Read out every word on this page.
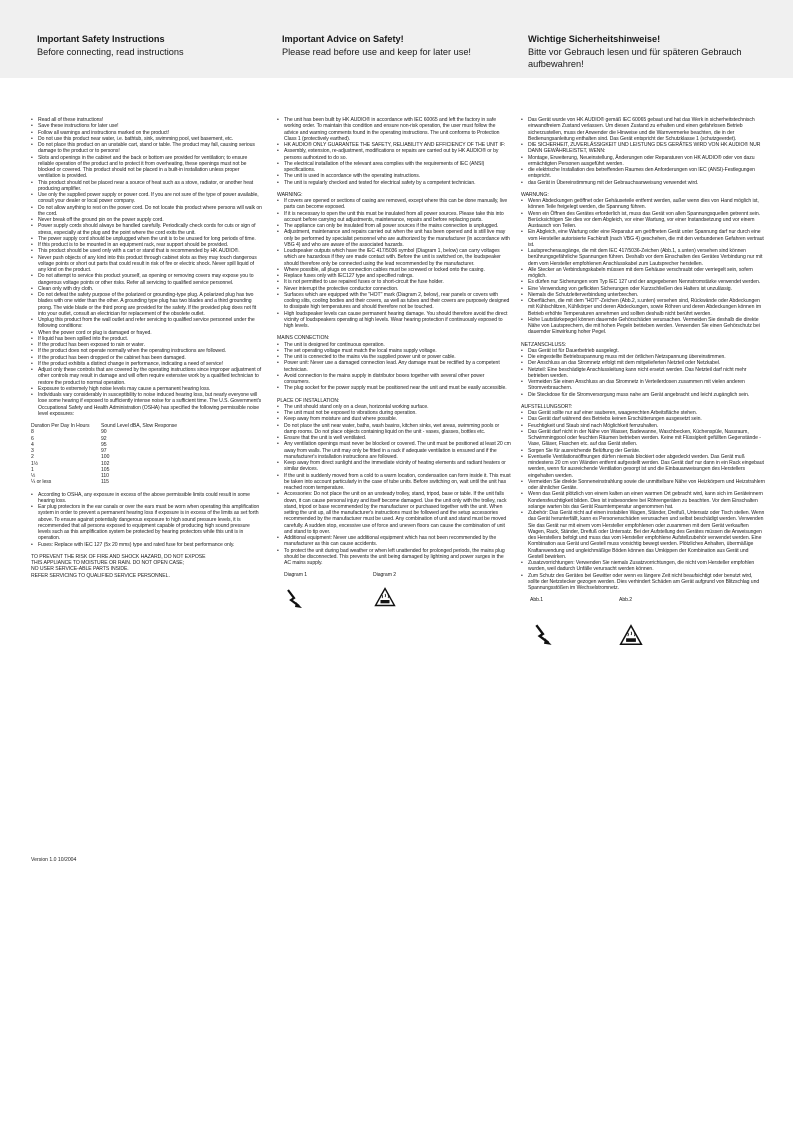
Important Safety Instructions

Before connecting, read instructions

Important Advice on Safety!

Please read before use and keep for later use!

Wichtige Sicherheitshinweise!

Bitte vor Gebrauch lesen und für späteren Gebrauch aufbewahren!

• Read all of these instructions!
• Save these instructions for later use!
• Follow all warnings and instructions marked on the product!
• Do not use this product near water, i.e. bathtub, sink, swimming pool, wet basement, etc.
• Do not place this product on an unstable cart, stand or table. The product may fall, causing serious damage to the product or to persons!
• Slots and openings in the cabinet and the back or bottom are provided for ventilation; to ensure reliable operation of the product and to protect it from overheating, these openings must not be blocked or covered. This product should not be placed in a built-in installation unless proper ventilation is provided.
• This product should not be placed near a source of heat such as a stove, radiator, or another heat producing amplifier.
• Use only the supplied power supply or power cord. If you are not sure of the type of power available, consult your dealer or local power company.
• Do not allow anything to rest on the power cord. Do not locate this product where persons will walk on the cord.
• Never break off the ground pin on the power supply cord.
• Power supply cords should always be handled carefully. Periodically check cords for cuts or sign of stress, especially at the plug and the point where the cord exits the unit.
• The power supply cord should be unplugged when the unit is to be unused for long periods of time.
• If this product is to be mounted in an equipment rack, rear support should be provided.
• This product should be used only with a cart or stand that is recommended by HK AUDIO®.
• Never push objects of any kind into this product through cabinet slots as they may touch dangerous voltage points or short out parts that could result in risk of fire or electric shock. Never spill liquid of any kind on the product.
• Do not attempt to service this product yourself, as opening or removing covers may expose you to dangerous voltage points or other risks. Refer all servicing to qualified service personnel.
• Clean only with dry cloth.
• Do not defeat the safety purpose of the polarized or grounding-type plug. A polarized plug has two blades with one wider than the other. A grounding type plug has two blades and a third grounding prong. The wide blade or the third prong are provided for the safety. If the provided plug does not fit into your outlet, consult an electrician for replacement of the obsolete outlet.
• Unplug this product from the wall outlet and refer servicing to qualified service personnel under the following conditions:
• When the power cord or plug is damaged or frayed.
• If liquid has been spilled into the product.
• If the product has been exposed to rain or water.
• If the product does not operate normally when the operating instructions are followed.
• If the product has been dropped or the cabinet has been damaged.
• If the product exhibits a distinct change in performance, indicating a need of service!
• Adjust only these controls that are covered by the operating instructions since improper adjustment of other controls may result in damage and will often require extensive work by a qualified technician to restore the product to normal operation.
• Exposure to extremely high noise levels may cause a permanent hearing loss.
• Individuals vary considerably in susceptibility to noise induced hearing loss, but nearly everyone will lose some hearing if exposed to sufficiently intense noise for a sufficient time. The U.S. Government's Occupational Safety and Health Administration (OSHA) has specified the following permissible noise level exposures:
Duration Per Day In Hours	Sound Level dBA, Slow Response
8	90
6	92
4	95
3	97
2	100
1½	102
1	105
½	110
¼ or less	115
• According to OSHA, any exposure in excess of the above permissible limits could result in some hearing loss.
• Ear plug protectors in the ear canals or over the ears must be worn when operating this amplification system in order to prevent a permanent hearing loss if exposure is in excess of the limits as set forth above. To ensure against potentially dangerous exposure to high sound pressure levels, it is recommended that all persons exposed to equipment capable of producing high sound pressure levels such as this amplification system be protected by hearing protectors while this unit is in operation.
• Fuses: Replace with IEC 127 (5x 20 mms) type and rated fuse for best performance only.

TO PREVENT THE RISK OF FIRE AND SHOCK HAZARD, DO NOT EXPOSE

THIS APPLIANCE TO MOISTURE OR RAIN. DO NOT OPEN CASE;

NO USER SERVICE-ABLE PARTS INSIDE.

REFER SERVICING TO QUALIFIED SERVICE PERSONNEL.

Version 1.0 10/2004
• The unit has been built by HK AUDIO® in accordance with IEC 60065 and left the factory in safe working order. To maintain this condition and ensure non-risk operation, the user must follow the advice and warning comments found in the operating instructions. The unit conforms to Protection Class 1 (protectively earthed).
• HK AUDIO® ONLY GUARANTEE THE SAFETY, RELIABILITY AND EFFICIENCY OF THE UNIT IF:
• Assembly, extension, re-adjustment, modifications or repairs are carried out by HK AUDIO® or by persons authorized to do so.
• The electrical installation of the relevant area complies with the requirements of IEC (ANSI) specifications.
• The unit is used in accordance with the operating instructions.
• The unit is regularly checked and tested for electrical safety by a competent technician.

WARNING:

• If covers are opened or sections of casing are removed, except where this can be done manually, live parts can become exposed.
• If it is necessary to open the unit this must be insulated from all power sources. Please take this into account before carrying out adjustments, maintenance, repairs and before replacing parts.
• The appliance can only be insulated from all power sources if the mains connection is unplugged.
• Adjustment, maintenance and repairs carried out when the unit has been opened and is still live may only be performed by specialist personnel who are authorized by the manufacturer (in accordance with VBG 4) and who are aware of the associated hazards.
• Loudspeaker outputs which have the IEC 417/5036 symbol (Diagram 1, below) can carry voltages which are hazardous if they are made contact with. Before the unit is switched on, the loudspeaker should therefore only be connected using the lead recommended by the manufacturer.
• Where possible, all plugs on connection cables must be screwed or locked onto the casing.
• Replace fuses only with IEC127 type and specified ratings.
• It is not permitted to use repaired fuses or to short-circuit the fuse holder.
• Never interrupt the protective conductor connection.
• Surfaces which are equipped with the "HOT" mark (Diagram 2, below), rear panels or covers with cooling slits, cooling bodies and their covers, as well as tubes and their covers are purposely designed to dissipate high temperatures and should therefore not be touched.
• High loudspeaker levels can cause permanent hearing damage. You should therefore avoid the direct vicinity of loudspeakers operating at high levels. Wear hearing protection if continuously exposed to high levels.

MAINS CONNECTION:

• The unit is designed for continuous operation.
• The set operating voltage must match the local mains supply voltage.
• The unit is connected to the mains via the supplied power unit or power cable.
• Power unit: Never use a damaged connection lead. Any damage must be rectified by a competent technician.
• Avoid connection to the mains supply in distributor boxes together with several other power consumers.
• The plug socket for the power supply must be positioned near the unit and must be easily accessible.

PLACE OF INSTALLATION:

• The unit should stand only on a clean, horizontal working surface.
• The unit must not be exposed to vibrations during operation.
• Keep away from moisture and dust where possible.
• Do not place the unit near water, baths, wash basins, kitchen sinks, wet areas, swimming pools or damp rooms. Do not place objects containing liquid on the unit - vases, glasses, bottles etc.
• Ensure that the unit is well ventilated.
• Any ventilation openings must never be blocked or covered. The unit must be positioned at least 20 cm away from walls. The unit may only be fitted in a rack if adequate ventilation is ensured and if the manufacturer's installation instructions are followed.
• Keep away from direct sunlight and the immediate vicinity of heating elements and radiant heaters or similar devices.
• If the unit is suddenly moved from a cold to a warm location, condensation can form inside it. This must be taken into account particularly in the case of tube units. Before switching on, wait until the unit has reached room temperature.
• Accessories: Do not place the unit on an unsteady trolley, stand, tripod, base or table. If the unit falls down, it can cause personal injury and itself become damaged. Use the unit only with the trolley, rack stand, tripod or base recommended by the manufacturer or purchased together with the unit. When setting the unit up, all the manufacturer's instructions must be followed and the setup accessories recommended by the manufacturer must be used. Any combination of unit and stand must be moved carefully. A sudden stop, excessive use of force and uneven floors can cause the combination of unit and stand to tip over.
• Additional equipment: Never use additional equipment which has not been recommended by the manufacturer as this can cause accidents.
• To protect the unit during bad weather or when left unattended for prolonged periods, the mains plug should be disconnected. This prevents the unit being damaged by lightning and power surges in the AC mains supply.
Diagram 1	Diagram 2
• Das Gerät wurde von HK AUDIO® gemäß IEC 60065 gebaut und hat das Werk in sicherheitstechnisch einwandfreiem Zustand verlassen. Um diesen Zustand zu erhalten und einen gefahrlosen Betrieb sicherzustellen, muss der Anwender die Hinweise und die Warnvermerke beachten, die in der Bedienungsanleitung enthalten sind. Das Gerät entspricht der Schutzklasse 1 (schutzgeerdet).
• DIE SICHERHEIT, ZUVERLÄSSIGKEIT UND LEISTUNG DES GERÄTES WIRD VON HK AUDIO® NUR DANN GEWÄHRLEISTET, WENN:
• Montage, Erweiterung, Neueinstellung, Änderungen oder Reparaturen von HK AUDIO® oder von dazu ermächtigten Personen ausgeführt werden.
• die elektrische Installation des betreffenden Raumes den Anforderungen von IEC (ANSI)-Festlegungen entspricht.
• das Gerät in Übereinstimmung mit der Gebrauchsanweisung verwendet wird.

WARNUNG:

• Wenn Abdeckungen geöffnet oder Gehäuseteile entfernt werden, außer wenn dies von Hand möglich ist, können Teile freigelegt werden, die Spannung führen.
• Wenn ein Öffnen des Gerätes erforderlich ist, muss das Gerät von allen Spannungsquellen getrennt sein. Berücksichtigen Sie dies vor dem Abgleich, vor einer Wartung, vor einer Instandsetzung und vor einem Austausch von Teilen.
• Ein Abgleich, eine Wartung oder eine Reparatur am geöffneten Gerät unter Spannung darf nur durch eine vom Hersteller autorisierte Fachkraft (nach VBG 4) geschehen, die mit den verbundenen Gefahren vertraut ist.
• Lautsprecherausgänge, die mit dem IEC 417/5036-Zeichen (Abb.1, s.unten) versehen sind können berührungsgefährliche Spannungen führen. Deshalb vor dem Einschalten des Gerätes Verbindung nur mit dem vom Hersteller empfohlenen Anschlusskabel zum Lautsprecher herstellen.
• Alle Stecker an Verbindungskabeln müssen mit dem Gehäuse verschraubt oder verriegelt sein, sofern möglich.
• Es dürfen nur Sicherungen vom Typ IEC 127 und der angegebenen Nennstromstärke verwendet werden.
• Eine Verwendung von geflickten Sicherungen oder Kurzschließen des Halters ist unzulässig.
• Niemals die Schutzleiterverbindung unterbrechen.
• Oberflächen, die mit dem "HOT"-Zeichen (Abb.2, s.unten) versehen sind, Rückwände oder Abdeckungen mit Kühlschlitzen, Kühlkörper und deren Abdeckungen, sowie Röhren und deren Abdeckungen können im Betrieb erhöhte Temperaturen annehmen und sollten deshalb nicht berührt werden.
• Hohe Lautstärkepegel können dauernde Gehörschäden verursachen. Vermeiden Sie deshalb die direkte Nähe von Lautsprechern, die mit hohen Pegeln betrieben werden. Verwenden Sie einen Gehörschutz bei dauernder Einwirkung hoher Pegel.

NETZANSCHLUSS:

• Das Gerät ist für Dauerbetrieb ausgelegt.
• Die eingestellte Betriebsspannung muss mit der örtlichen Netzspannung übereinstimmen.
• Der Anschluss an das Stromnetz erfolgt mit dem mitgelieferten Netzteil oder Netzkabel.
• Netzteil: Eine beschädigte Anschlussleitung kann nicht ersetzt werden. Das Netzteil darf nicht mehr betrieben werden.
• Vermeiden Sie einen Anschluss an das Stromnetz in Verteilerdosen zusammen mit vielen anderen Stromverbrauchern.
• Die Steckdose für die Stromversorgung muss nahe am Gerät angebracht und leicht zugänglich sein.

AUFSTELLUNGSORT:

• Das Gerät sollte nur auf einer sauberen, waagerechten Arbeitsfläche stehen.
• Das Gerät darf während des Betriebs keinen Erschütterungen ausgesetzt sein.
• Feuchtigkeit und Staub sind nach Möglichkeit fernzuhalten.
• Das Gerät darf nicht in der Nähe von Wasser, Badewanne, Waschbecken, Küchenspüle, Nassraum, Schwimmingpool oder feuchten Räumen betrieben werden. Keine mit Flüssigkeit gefüllten Gegenstände -Vase, Gläser, Flaschen etc. auf das Gerät stellen.
• Sorgen Sie für ausreichende Belüftung der Geräte.
• Eventuelle Ventilationsöffnungen dürfen niemals blockiert oder abgedeckt werden. Das Gerät muß mindestens 20 cm von Wänden entfernt aufgestellt werden. Das Gerät darf nur dann in ein Rack eingebaut werden, wenn für ausreichende Ventilation gesorgt ist und die Einbauanweisungen des Herstellers eingehalten werden.
• Vermeiden Sie direkte Sonneneinstrahlung sowie die unmittelbare Nähe von Heizkörpern und Heizstrahlern oder ähnlicher Geräte.
• Wenn das Gerät plötzlich von einem kalten an einen warmen Ort gebracht wird, kann sich im Geräteinnern Kondensfeuchtigkeit bilden. Dies ist insbesondere bei Röhrengeräten zu beachten. Vor dem Einschalten solange warten bis das Gerät Raumtemperatur angenommen hat.
• Zubehör: Das Gerät nicht auf einen instabilen Wagen, Ständer, Dreifuß, Untersatz oder Tisch stellen. Wenn das Gerät herunterfällt, kann es Personenschäden verursachen und selbst beschädigt werden. Verwenden Sie das Gerät nur mit einem vom Hersteller empfohlenen oder zusammen mit dem Gerät verkauften Wagen, Rack, Ständer, Dreifuß oder Untersatz. Bei der Aufstellung des Gerätes müssen die Anweisungen des Herstellers befolgt und muss das vom Hersteller empfohlene Aufstellzubehör verwendet werden. Eine Kombination aus Gerät und Gestell muss vorsichtig bewegt werden. Plötzliches Anhalten, übermäßige Kraftanwendung und ungleichmäßige Böden können das Umkippen der Kombination aus Gerät und Gestell bewirken.
• Zusatzvorrichtungen: Verwenden Sie niemals Zusatzvorrichtungen, die nicht vom Hersteller empfohlen wurden, weil dadurch Unfälle verursacht werden können.
• Zum Schutz des Gerätes bei Gewitter oder wenn es längere Zeit nicht beaufsichtigt oder benutzt wird, sollte der Netzstecker gezogen werden. Dies verhindert Schäden am Gerät aufgrund von Blitzschlag und Spannungsstößen im Wechselstromnetz.
Abb.1	Abb.2
